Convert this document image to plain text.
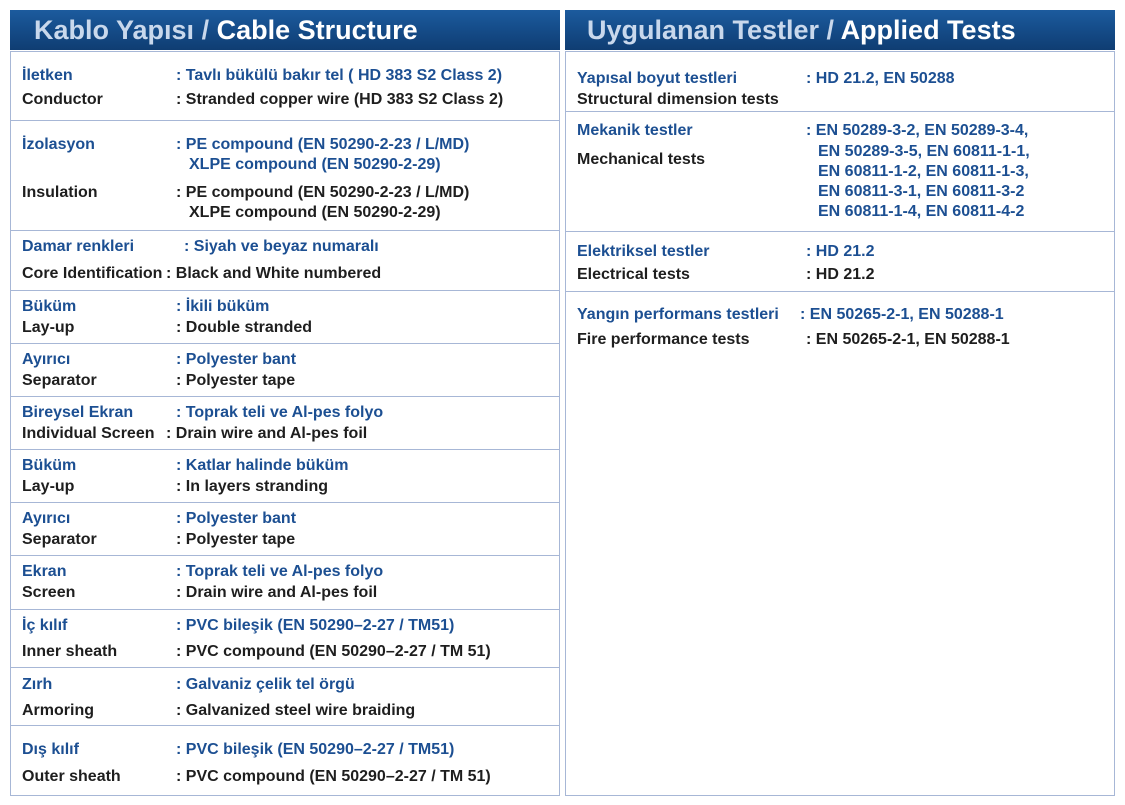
Kablo Yapısı / Cable Structure	Uygulanan Testler / Applied Tests
İletken	: Tavlı bükülü bakır tel ( HD 383 S2 Class 2)
Conductor	: Stranded copper wire (HD 383 S2 Class 2)
İzolasyon	: PE compound (EN 50290-2-23 / L/MD)
XLPE compound (EN 50290-2-29)
Insulation	: PE compound (EN 50290-2-23 / L/MD)
XLPE compound (EN 50290-2-29)
Damar renkleri	: Siyah ve beyaz numaralı
Core Identification : Black and White numbered
Büküm	: İkili büküm
Lay-up	: Double stranded
Ayırıcı	: Polyester bant
Separator	: Polyester tape
Bireysel Ekran	: Toprak teli ve Al-pes folyo
Individual Screen : Drain wire and Al-pes foil
Büküm	: Katlar halinde büküm
Lay-up	: In layers stranding
Ayırıcı	: Polyester bant
Separator	: Polyester tape
Ekran	: Toprak teli ve Al-pes folyo
Screen	: Drain wire and Al-pes foil
İç kılıf	: PVC bileşik (EN 50290–2-27 / TM51)
Inner sheath	: PVC compound (EN 50290–2-27 / TM 51)
Zırh	: Galvaniz çelik tel örgü
Armoring	: Galvanized steel wire braiding
Dış kılıf	: PVC bileşik (EN 50290–2-27 / TM51)
Outer sheath	: PVC compound (EN 50290–2-27 / TM 51)
Yapısal boyut testleri	: HD 21.2, EN 50288
Structural dimension tests
Mekanik testler	: EN 50289-3-2, EN 50289-3-4,
Mechanical tests	EN 50289-3-5, EN 60811-1-1,
EN 60811-1-2, EN 60811-1-3,
EN 60811-3-1, EN 60811-3-2
EN 60811-1-4, EN 60811-4-2
Elektriksel testler	: HD 21.2
Electrical tests	: HD 21.2
Yangın performans testleri : EN 50265-2-1, EN 50288-1
Fire performance tests	: EN 50265-2-1, EN 50288-1
